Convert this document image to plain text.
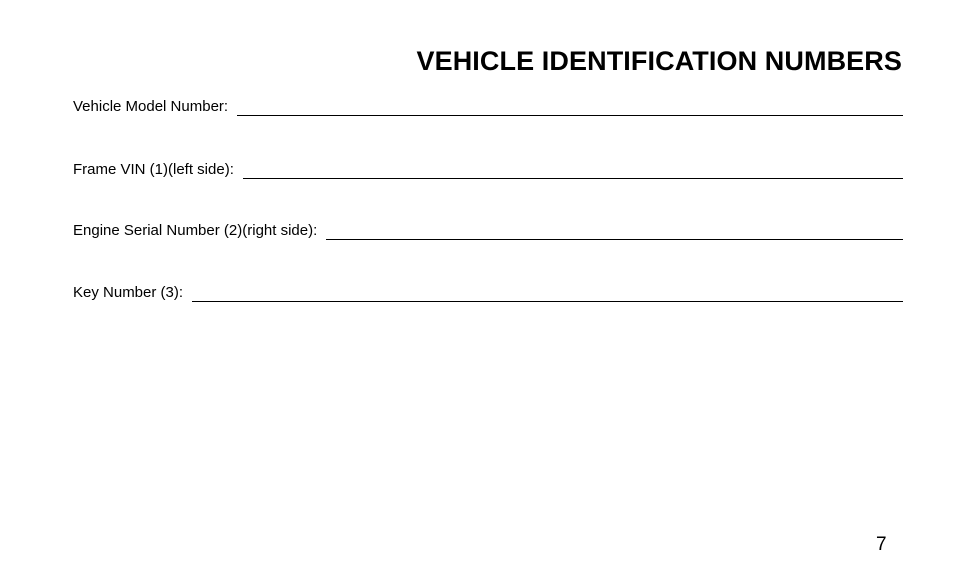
VEHICLE IDENTIFICATION NUMBERS
Vehicle Model Number:
Frame VIN (1)(left side):
Engine Serial Number (2)(right side):
Key Number (3):
7
